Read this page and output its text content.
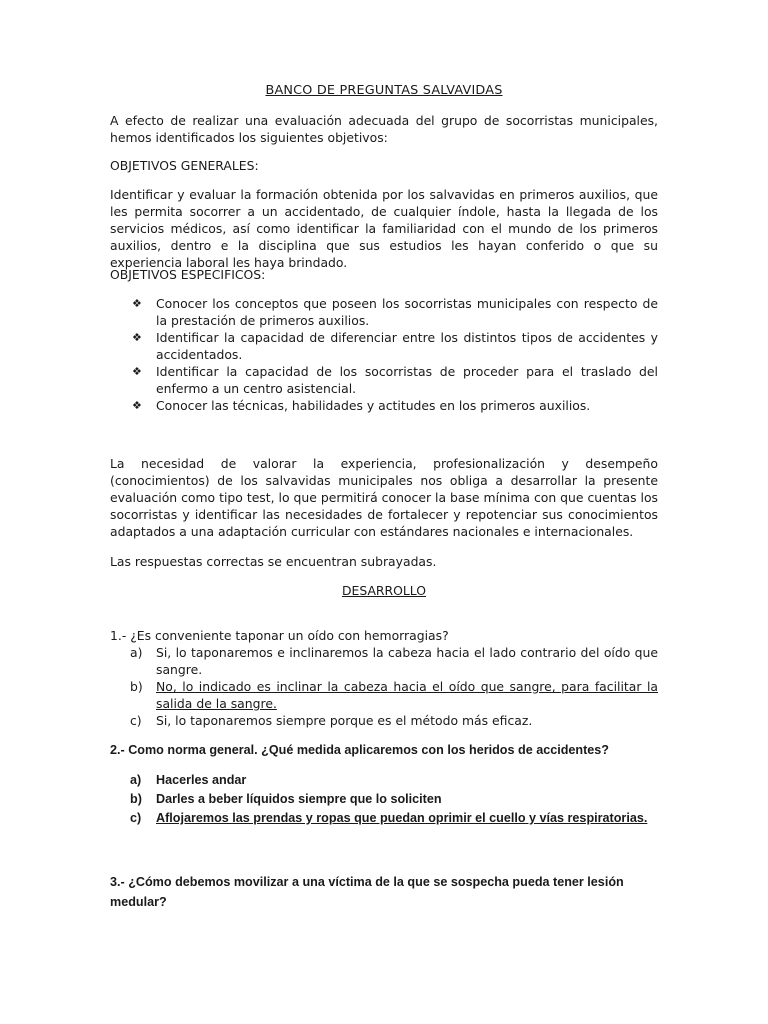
BANCO DE PREGUNTAS SALVAVIDAS
A efecto de realizar una evaluación adecuada del grupo de socorristas municipales, hemos identificados los siguientes objetivos:
OBJETIVOS GENERALES:
Identificar y evaluar la formación obtenida por los salvavidas en primeros auxilios, que les permita socorrer a un accidentado, de cualquier índole, hasta la llegada de los servicios médicos, así como identificar la familiaridad con el mundo de los primeros auxilios, dentro e la disciplina que sus estudios les hayan conferido o que su experiencia laboral les haya brindado.
OBJETIVOS ESPECIFICOS:
❖ Conocer los conceptos que poseen los socorristas municipales con respecto de la prestación de primeros auxilios.
❖ Identificar la capacidad de diferenciar entre los distintos tipos de accidentes y accidentados.
❖ Identificar la capacidad de los socorristas de proceder para el traslado del enfermo a un centro asistencial.
❖ Conocer las técnicas, habilidades y actitudes en los primeros auxilios.
La necesidad de valorar la experiencia, profesionalización y desempeño (conocimientos) de los salvavidas municipales nos obliga a desarrollar la presente evaluación como tipo test, lo que permitirá conocer la base mínima con que cuentas los socorristas y identificar las necesidades de fortalecer y repotenciar sus conocimientos adaptados a una adaptación curricular con estándares nacionales e internacionales.
Las respuestas correctas se encuentran subrayadas.
DESARROLLO
1.- ¿Es conveniente taponar un oído con hemorragias?
a) Si, lo taponaremos e inclinaremos la cabeza hacia el lado contrario del oído que sangre.
b) No, lo indicado es inclinar la cabeza hacia el oído que sangre, para facilitar la salida de la sangre.
c) Si, lo taponaremos siempre porque es el método más eficaz.
2.- Como norma general. ¿Qué medida aplicaremos con los heridos de accidentes?
a) Hacerles andar
b) Darles a beber líquidos siempre que lo soliciten
c) Aflojaremos las prendas y ropas que puedan oprimir el cuello y vías respiratorias.
3.- ¿Cómo debemos movilizar a una víctima de la que se sospecha pueda tener lesión medular?
